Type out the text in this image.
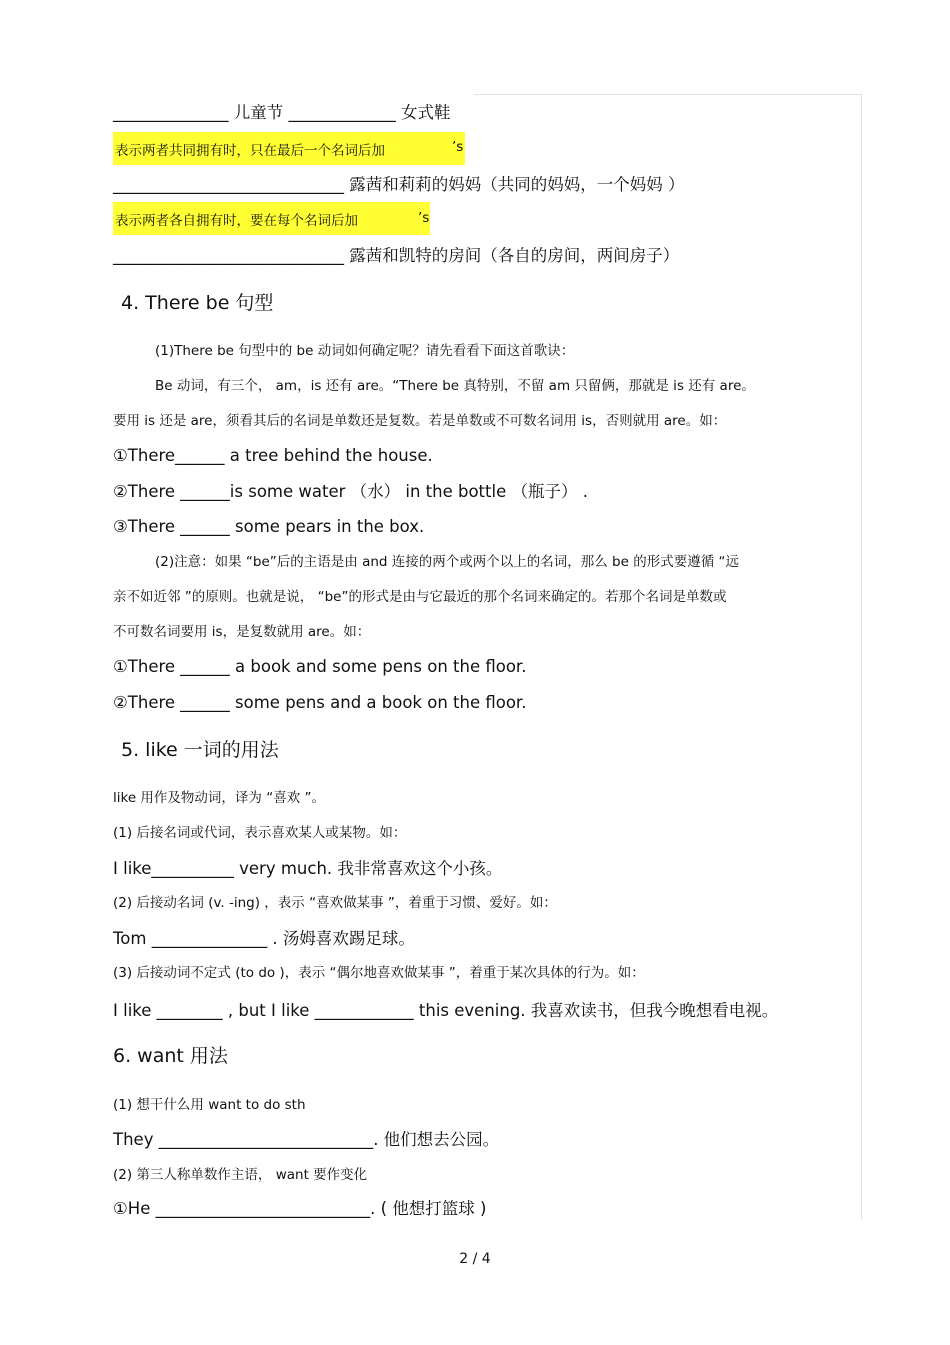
______________ 儿童节 _____________ 女式鞋
表示两者共同拥有时，只在最后一个名词后加	’s
____________________________ 露茜和莉莉的妈妈（共同的妈妈，一个妈妈 ）
表示两者各自拥有时，要在每个名词后加	’s
____________________________ 露茜和凯特的房间（各自的房间，两间房子）
4. There be 句型
(1)There be 句型中的 be 动词如何确定呢？请先看看下面这首歌诀：
Be 动词，有三个， am，is 还有 are。“There be 真特别，不留 am 只留俩，那就是 is 还有 are。
要用 is 还是 are，须看其后的名词是单数还是复数。若是单数或不可数名词用 is，否则就用 are。如：
①There______ a tree behind the house.
②There ______is some water （水） in the bottle （瓶子） .
③There ______ some pears in the box.
(2)注意：如果 “be”后的主语是由 and 连接的两个或两个以上的名词，那么 be 的形式要遵循 “远
亲不如近邻 ”的原则。也就是说， “be”的形式是由与它最近的那个名词来确定的。若那个名词是单数或
不可数名词要用 is，是复数就用 are。如：
①There ______ a book and some pens on the floor.
②There ______ some pens and a book on the floor.
5. like 一词的用法
like 用作及物动词，译为 “喜欢 ”。
(1) 后接名词或代词，表示喜欢某人或某物。如：
I like__________ very much. 我非常喜欢这个小孩。
(2) 后接动名词 (v. -ing) ，表示 “喜欢做某事 ”，着重于习惯、爱好。如：
Tom ______________ . 汤姆喜欢踢足球。
(3) 后接动词不定式 (to do )，表示 “偶尔地喜欢做某事 ”，着重于某次具体的行为。如：
I like ________ , but I like ____________ this evening. 我喜欢读书，但我今晚想看电视。
6. want 用法
(1) 想干什么用 want to do sth
They __________________________. 他们想去公园。
(2) 第三人称单数作主语， want 要作变化
①He __________________________. ( 他想打篮球 )
2 / 4
